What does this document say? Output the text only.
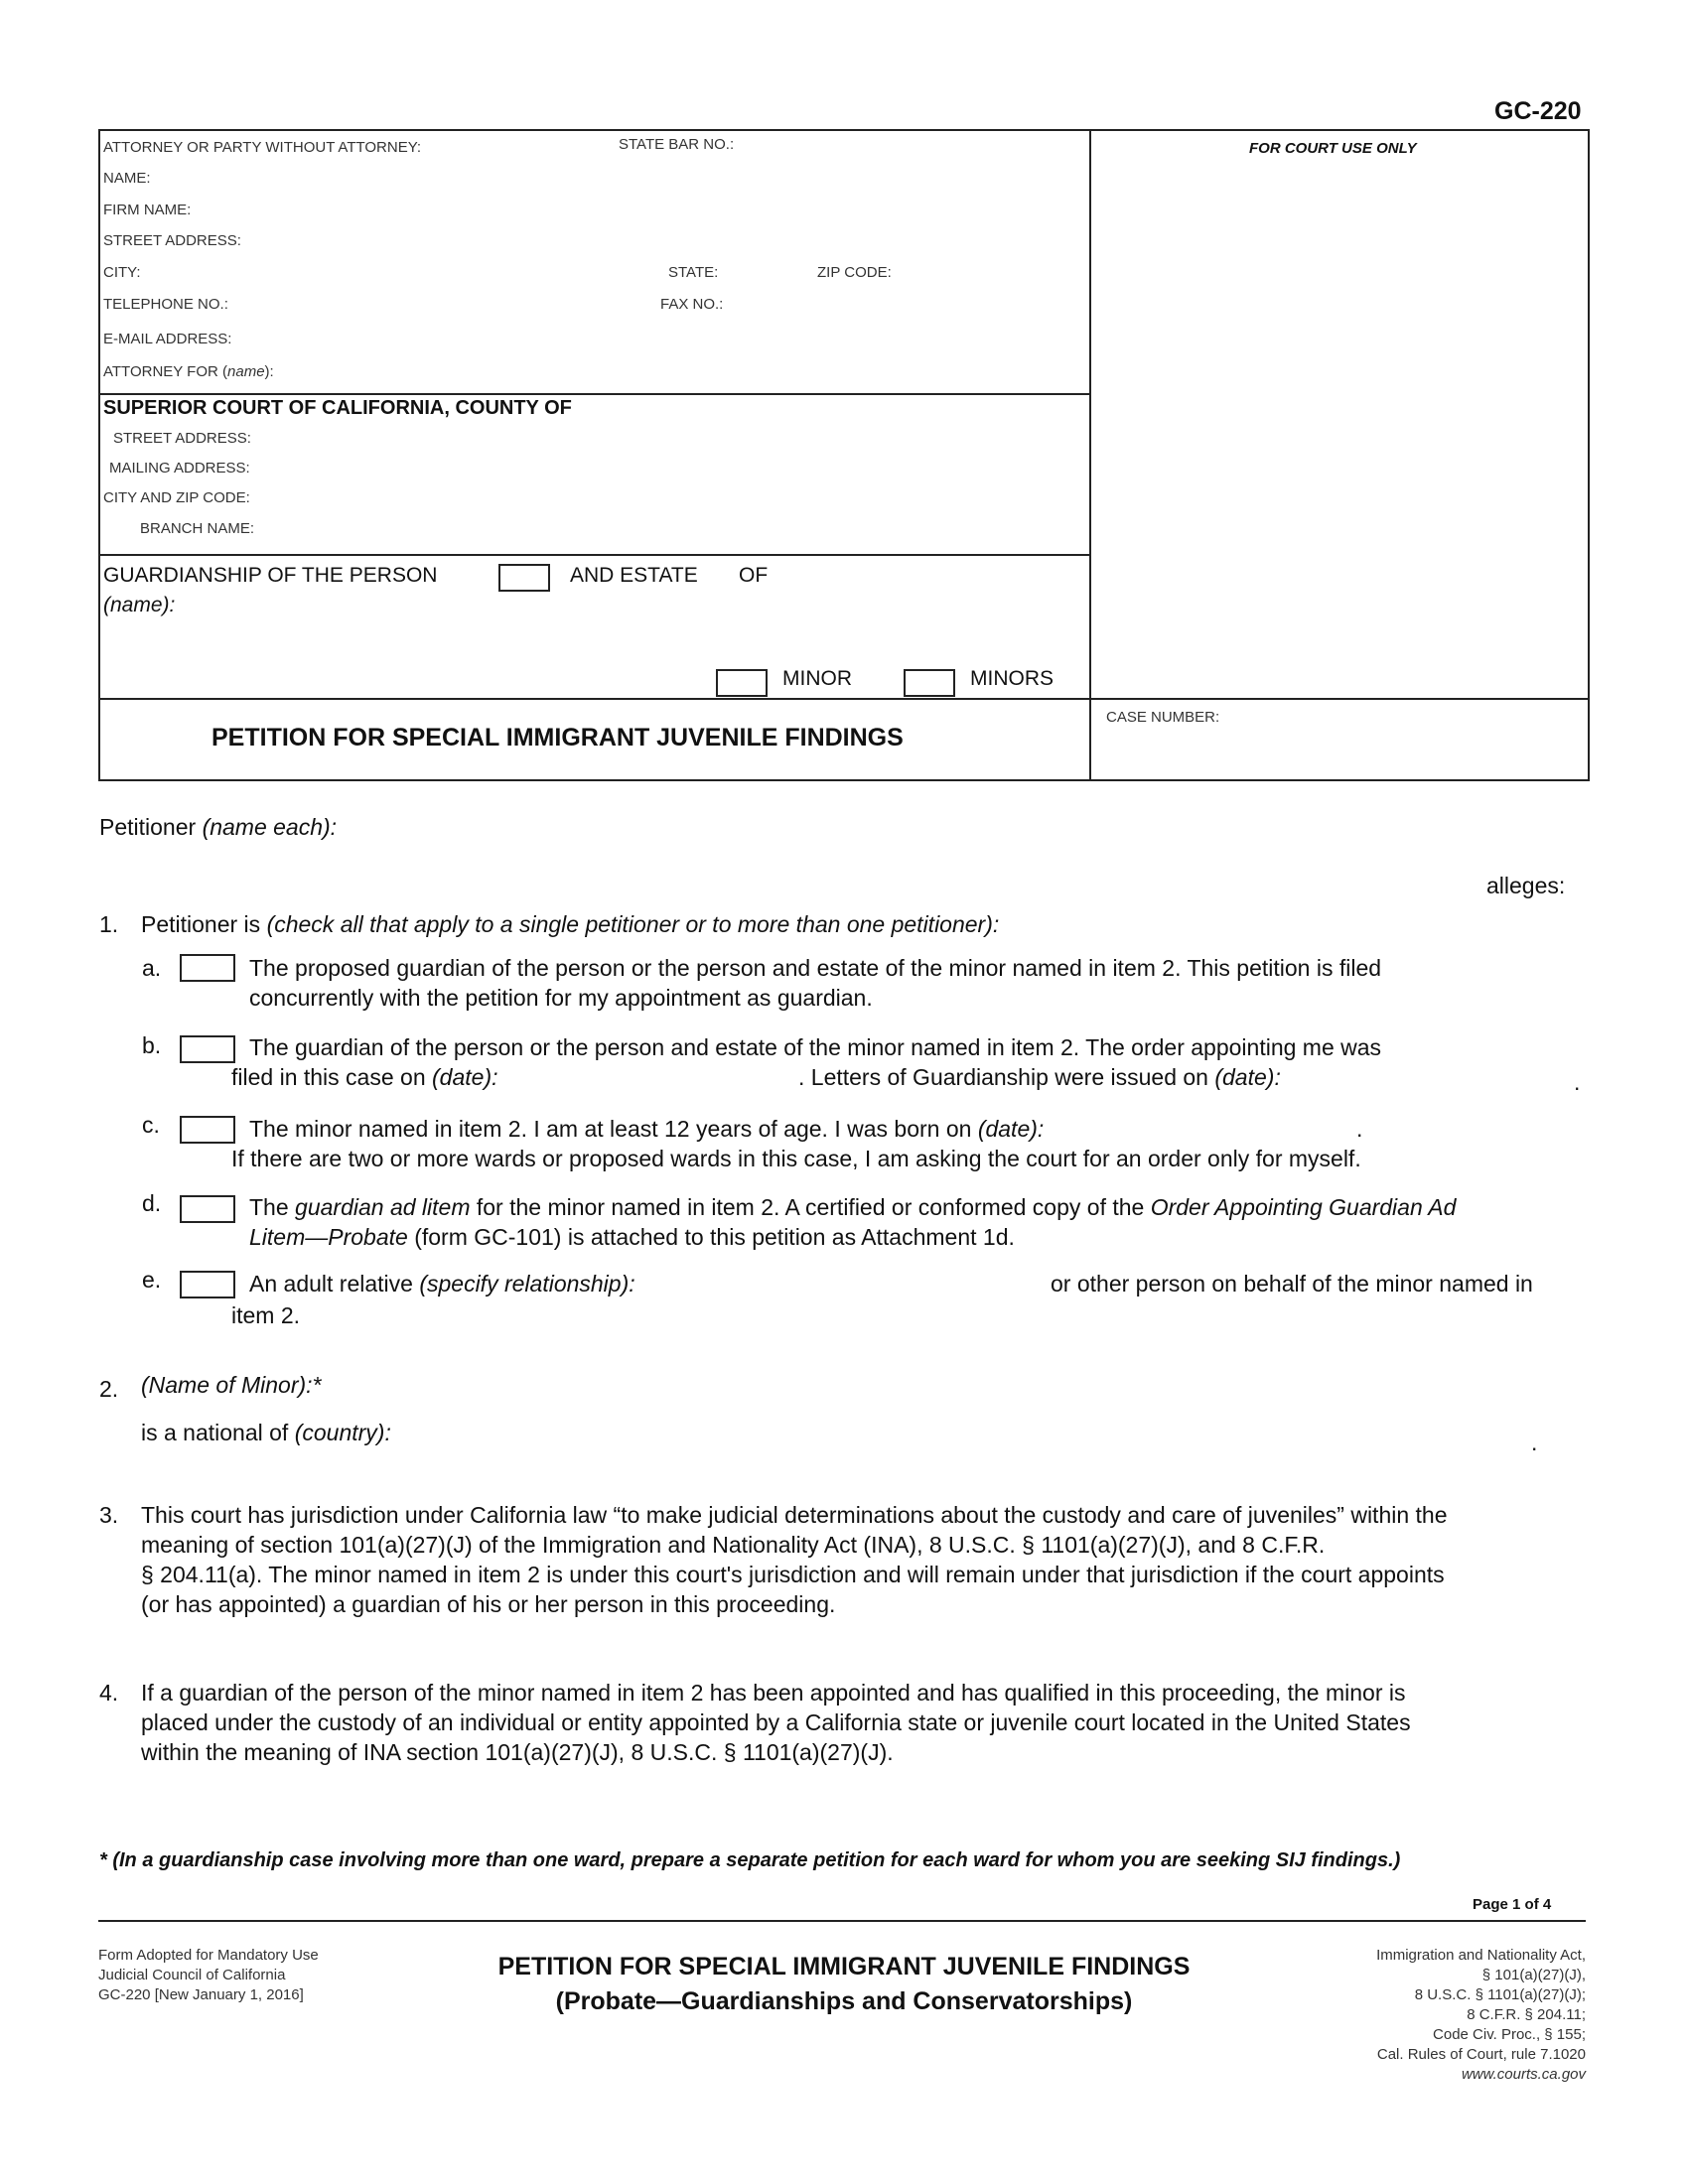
GC-220
ATTORNEY OR PARTY WITHOUT ATTORNEY:	STATE BAR NO.:
NAME:
FIRM NAME:
STREET ADDRESS:
CITY:	STATE:	ZIP CODE:
TELEPHONE NO.:	FAX NO.:
E-MAIL ADDRESS:
ATTORNEY FOR (name):
FOR COURT USE ONLY
SUPERIOR COURT OF CALIFORNIA, COUNTY OF
STREET ADDRESS:
MAILING ADDRESS:
CITY AND ZIP CODE:
BRANCH NAME:
GUARDIANSHIP OF THE PERSON	AND ESTATE OF
(name):
MINOR	MINORS
PETITION FOR SPECIAL IMMIGRANT JUVENILE FINDINGS
CASE NUMBER:
Petitioner (name each):
alleges:
1. Petitioner is (check all that apply to a single petitioner or to more than one petitioner):
a.	The proposed guardian of the person or the person and estate of the minor named in item 2. This petition is filed
concurrently with the petition for my appointment as guardian.
b.	The guardian of the person or the person and estate of the minor named in item 2. The order appointing me was
filed in this case on (date):	. Letters of Guardianship were issued on (date):	.
c.	The minor named in item 2. I am at least 12 years of age. I was born on (date):	.
If there are two or more wards or proposed wards in this case, I am asking the court for an order only for myself.
d.	The guardian ad litem for the minor named in item 2. A certified or conformed copy of the Order Appointing Guardian Ad
Litem—Probate (form GC-101) is attached to this petition as Attachment 1d.
e.	An adult relative (specify relationship):	or other person on behalf of the minor named in
item 2.
2. (Name of Minor):*
is a national of (country):	.
3. This court has jurisdiction under California law “to make judicial determinations about the custody and care of juveniles” within the
meaning of section 101(a)(27)(J) of the Immigration and Nationality Act (INA), 8 U.S.C. § 1101(a)(27)(J), and 8 C.F.R.
§ 204.11(a). The minor named in item 2 is under this court's jurisdiction and will remain under that jurisdiction if the court appoints
(or has appointed) a guardian of his or her person in this proceeding.
4. If a guardian of the person of the minor named in item 2 has been appointed and has qualified in this proceeding, the minor is
placed under the custody of an individual or entity appointed by a California state or juvenile court located in the United States
within the meaning of INA section 101(a)(27)(J), 8 U.S.C. § 1101(a)(27)(J).
* (In a guardianship case involving more than one ward, prepare a separate petition for each ward for whom you are seeking SIJ findings.)
Page 1 of 4
Form Adopted for Mandatory Use
Judicial Council of California
GC-220 [New January 1, 2016]
PETITION FOR SPECIAL IMMIGRANT JUVENILE FINDINGS
(Probate—Guardianships and Conservatorships)
Immigration and Nationality Act,
§ 101(a)(27)(J),
8 U.S.C. § 1101(a)(27)(J);
8 C.F.R. § 204.11;
Code Civ. Proc., § 155;
Cal. Rules of Court, rule 7.1020
www.courts.ca.gov
